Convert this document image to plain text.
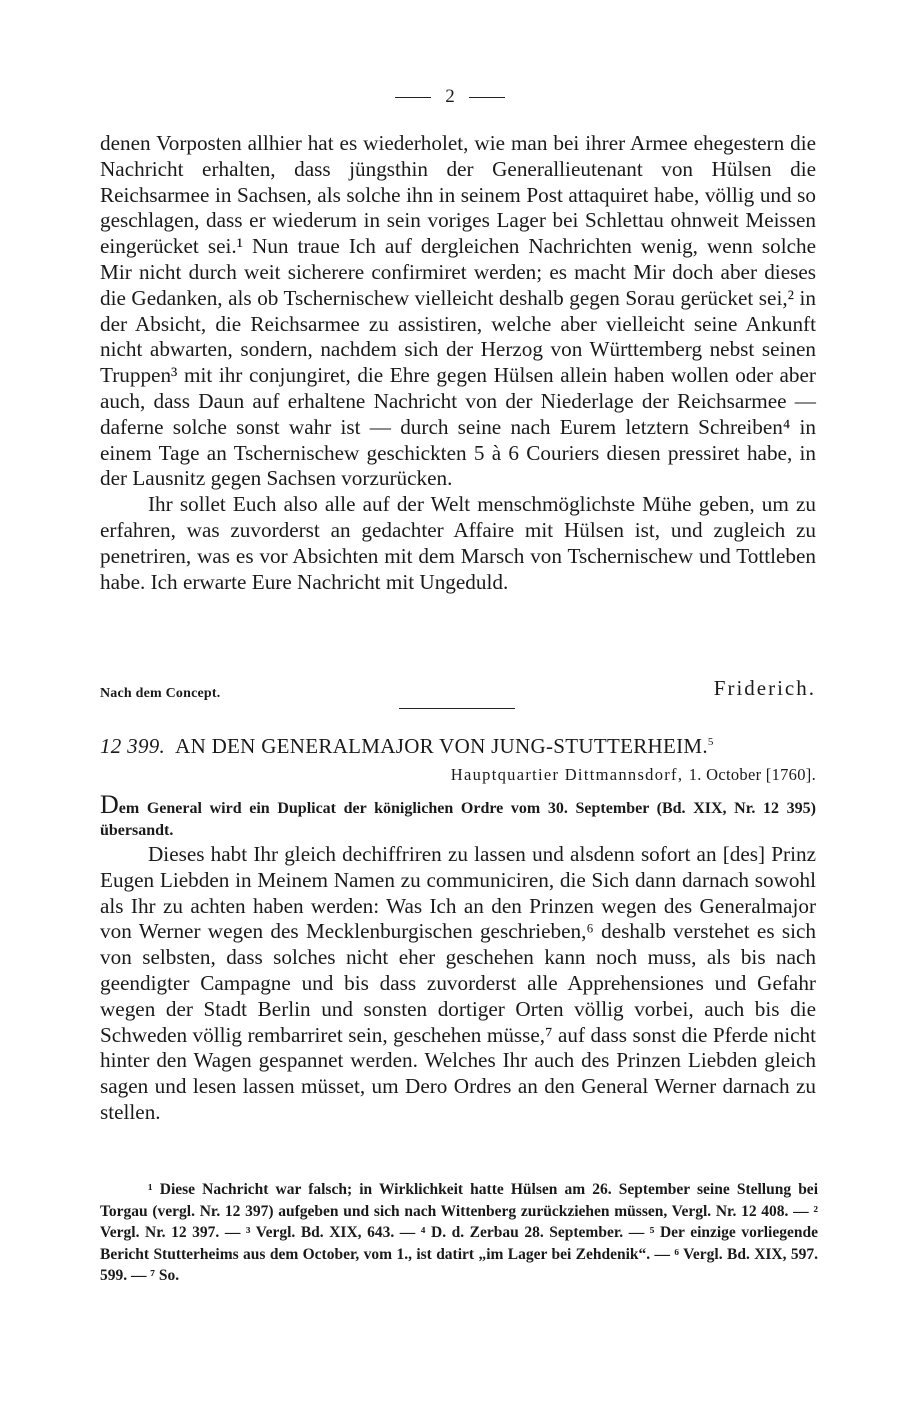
2
denen Vorposten allhier hat es wiederholet, wie man bei ihrer Armee ehegestern die Nachricht erhalten, dass jüngsthin der Generallieutenant von Hülsen die Reichsarmee in Sachsen, als solche ihn in seinem Post attaquiret habe, völlig und so geschlagen, dass er wiederum in sein voriges Lager bei Schlettau ohnweit Meissen eingerücket sei.¹ Nun traue Ich auf dergleichen Nachrichten wenig, wenn solche Mir nicht durch weit sicherere confirmiret werden; es macht Mir doch aber dieses die Gedanken, als ob Tschernischew vielleicht deshalb gegen Sorau gerücket sei,² in der Absicht, die Reichsarmee zu assistiren, welche aber vielleicht seine Ankunft nicht abwarten, sondern, nachdem sich der Herzog von Württemberg nebst seinen Truppen³ mit ihr conjungiret, die Ehre gegen Hülsen allein haben wollen oder aber auch, dass Daun auf erhaltene Nachricht von der Niederlage der Reichsarmee — daferne solche sonst wahr ist — durch seine nach Eurem letztern Schreiben⁴ in einem Tage an Tschernischew geschickten 5 à 6 Couriers diesen pressiret habe, in der Lausnitz gegen Sachsen vorzurücken.
Ihr sollet Euch also alle auf der Welt menschmöglichste Mühe geben, um zu erfahren, was zuvorderst an gedachter Affaire mit Hülsen ist, und zugleich zu penetriren, was es vor Absichten mit dem Marsch von Tschernischew und Tottleben habe. Ich erwarte Eure Nachricht mit Ungeduld.
Nach dem Concept.	Friderich.
12 399. AN DEN GENERALMAJOR VON JUNG-STUTTERHEIM.$^5$
Hauptquartier Dittmannsdorf, 1. October [1760].
Dem General wird ein Duplicat der königlichen Ordre vom 30. September (Bd. XIX, Nr. 12 395) übersandt.
Dieses habt Ihr gleich dechiffriren zu lassen und alsdenn sofort an [des] Prinz Eugen Liebden in Meinem Namen zu communiciren, die Sich dann darnach sowohl als Ihr zu achten haben werden: Was Ich an den Prinzen wegen des Generalmajor von Werner wegen des Mecklenburgischen geschrieben,⁶ deshalb verstehet es sich von selbsten, dass solches nicht eher geschehen kann noch muss, als bis nach geendigter Campagne und bis dass zuvorderst alle Apprehensiones und Gefahr wegen der Stadt Berlin und sonsten dortiger Orten völlig vorbei, auch bis die Schweden völlig rembarriret sein, geschehen müsse,⁷ auf dass sonst die Pferde nicht hinter den Wagen gespannet werden. Welches Ihr auch des Prinzen Liebden gleich sagen und lesen lassen müsset, um Dero Ordres an den General Werner darnach zu stellen.
¹ Diese Nachricht war falsch; in Wirklichkeit hatte Hülsen am 26. September seine Stellung bei Torgau (vergl. Nr. 12 397) aufgeben und sich nach Wittenberg zurückziehen müssen, Vergl. Nr. 12 408. — ² Vergl. Nr. 12 397. — ³ Vergl. Bd. XIX, 643. — ⁴ D. d. Zerbau 28. September. — ⁵ Der einzige vorliegende Bericht Stutterheims aus dem October, vom 1., ist datirt „im Lager bei Zehdenik“. — ⁶ Vergl. Bd. XIX, 597. 599. — ⁷ So.
